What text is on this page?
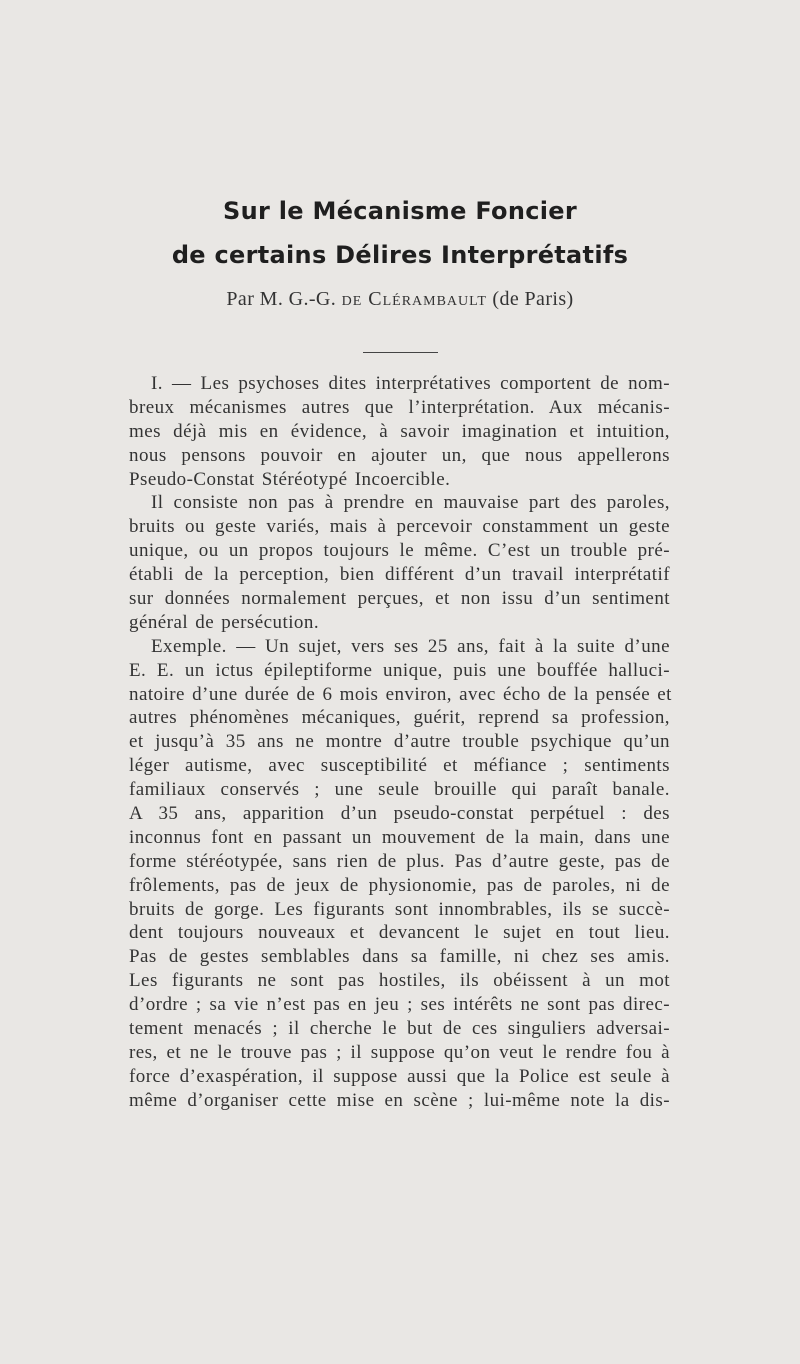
Sur le Mécanisme Foncier
de certains Délires Interprétatifs
Par M. G.-G. de Clérambault (de Paris)
I. — Les psychoses dites interprétatives comportent de nom-
breux mécanismes autres que l’interprétation. Aux mécanis-
mes déjà mis en évidence, à savoir imagination et intuition,
nous pensons pouvoir en ajouter un, que nous appellerons
Pseudo-Constat Stéréotypé Incoercible.
Il consiste non pas à prendre en mauvaise part des paroles,
bruits ou geste variés, mais à percevoir constamment un geste
unique, ou un propos toujours le même. C’est un trouble pré-
établi de la perception, bien différent d’un travail interprétatif
sur données normalement perçues, et non issu d’un sentiment
général de persécution.
Exemple. — Un sujet, vers ses 25 ans, fait à la suite d’une
E. E. un ictus épileptiforme unique, puis une bouffée halluci-
natoire d’une durée de 6 mois environ, avec écho de la pensée et
autres phénomènes mécaniques, guérit, reprend sa profession,
et jusqu’à 35 ans ne montre d’autre trouble psychique qu’un
léger autisme, avec susceptibilité et méfiance ; sentiments
familiaux conservés ; une seule brouille qui paraît banale.
A 35 ans, apparition d’un pseudo-constat perpétuel : des
inconnus font en passant un mouvement de la main, dans une
forme stéréotypée, sans rien de plus. Pas d’autre geste, pas de
frôlements, pas de jeux de physionomie, pas de paroles, ni de
bruits de gorge. Les figurants sont innombrables, ils se succè-
dent toujours nouveaux et devancent le sujet en tout lieu.
Pas de gestes semblables dans sa famille, ni chez ses amis.
Les figurants ne sont pas hostiles, ils obéissent à un mot
d’ordre ; sa vie n’est pas en jeu ; ses intérêts ne sont pas direc-
tement menacés ; il cherche le but de ces singuliers adversai-
res, et ne le trouve pas ; il suppose qu’on veut le rendre fou à
force d’exaspération, il suppose aussi que la Police est seule à
même d’organiser cette mise en scène ; lui-même note la dis-
